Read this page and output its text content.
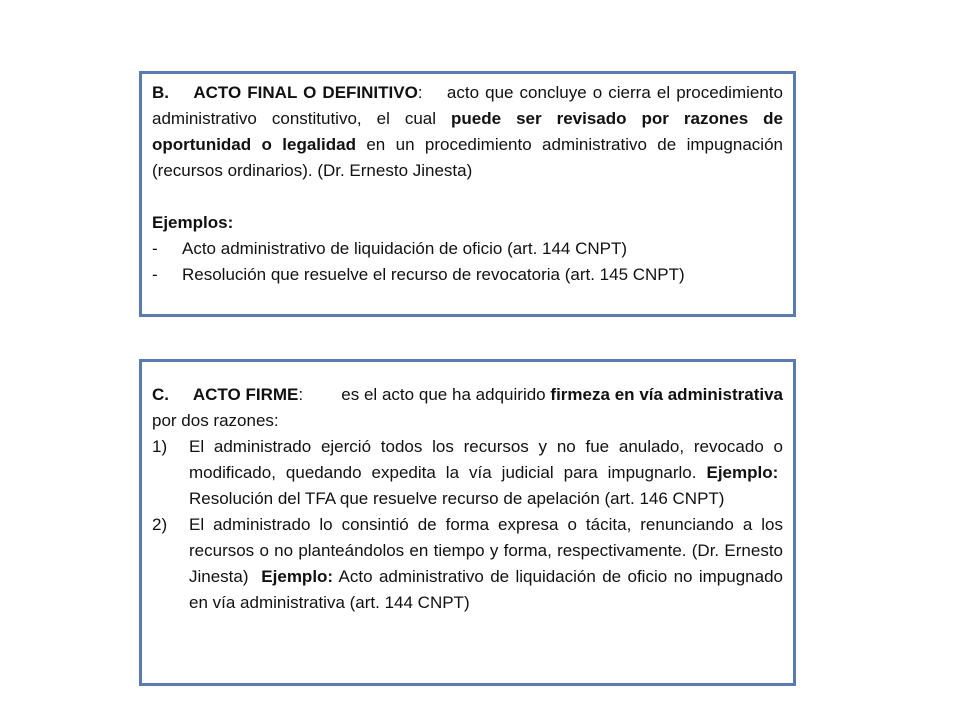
B. ACTO FINAL O DEFINITIVO: acto que concluye o cierra el procedimiento administrativo constitutivo, el cual puede ser revisado por razones de oportunidad o legalidad en un procedimiento administrativo de impugnación (recursos ordinarios). (Dr. Ernesto Jinesta)

Ejemplos:

-	Acto administrativo de liquidación de oficio (art. 144 CNPT)
-	Resolución que resuelve el recurso de revocatoria (art. 145 CNPT)

C. ACTO FIRME: es el acto que ha adquirido firmeza en vía administrativa por dos razones:

1)	El administrado ejerció todos los recursos y no fue anulado, revocado o modificado, quedando expedita la vía judicial para impugnarlo. Ejemplo:  Resolución del TFA que resuelve recurso de apelación (art. 146 CNPT)
2)	El administrado lo consintió de forma expresa o tácita, renunciando a los recursos o no planteándolos en tiempo y forma, respectivamente. (Dr. Ernesto Jinesta) Ejemplo: Acto administrativo de liquidación de oficio no impugnado en vía administrativa (art. 144 CNPT)
